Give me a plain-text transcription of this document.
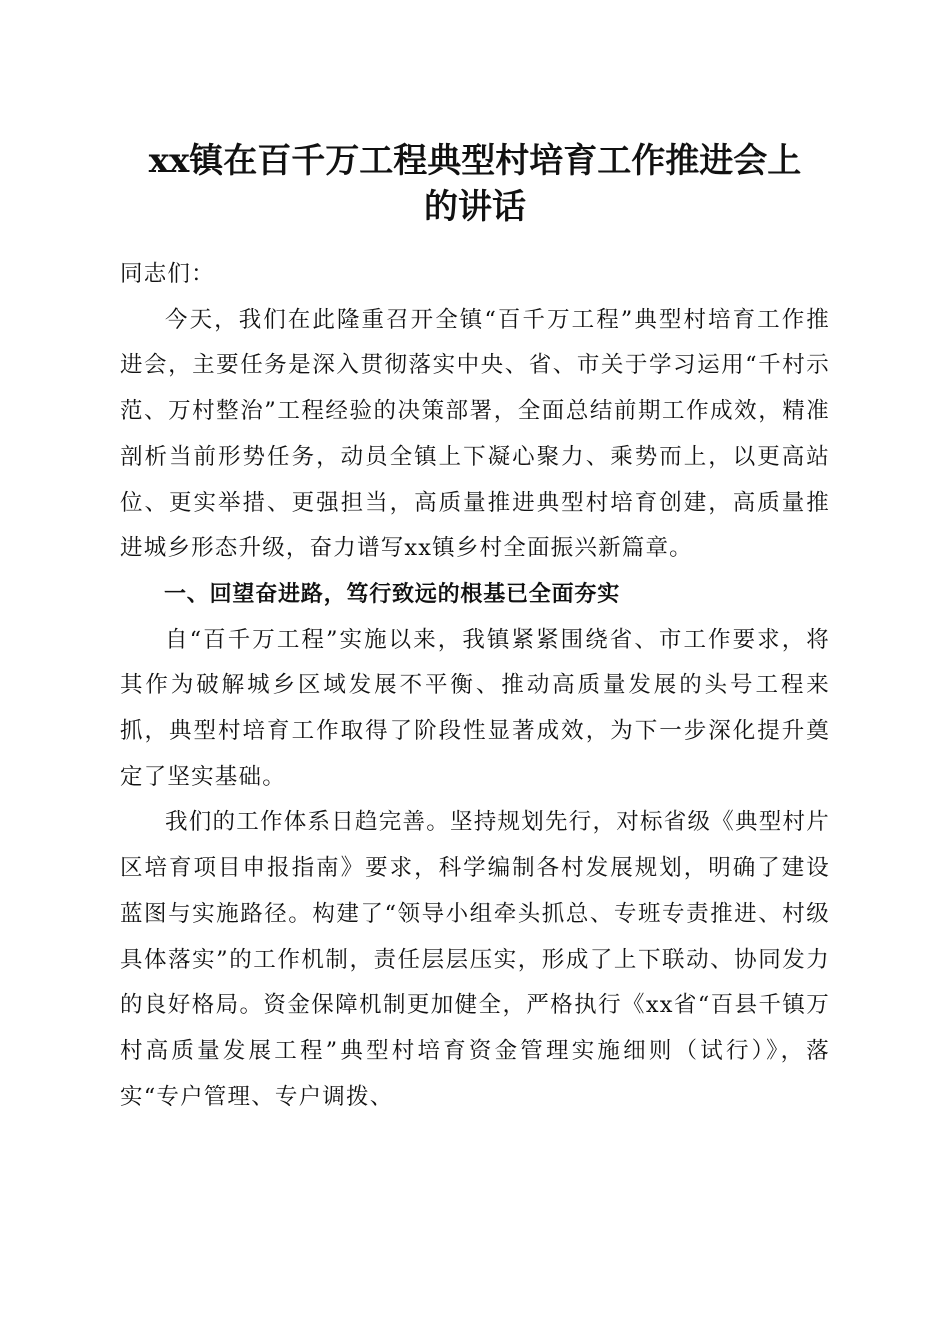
xx镇在百千万工程典型村培育工作推进会上
的讲话

同志们：

今天，我们在此隆重召开全镇“百千万工程”典型村培育工作推进会，主要任务是深入贯彻落实中央、省、市关于学习运用“千村示范、万村整治”工程经验的决策部署，全面总结前期工作成效，精准剖析当前形势任务，动员全镇上下凝心聚力、乘势而上，以更高站位、更实举措、更强担当，高质量推进典型村培育创建，高质量推进城乡形态升级，奋力谱写xx镇乡村全面振兴新篇章。

一、回望奋进路，笃行致远的根基已全面夯实

自“百千万工程”实施以来，我镇紧紧围绕省、市工作要求，将其作为破解城乡区域发展不平衡、推动高质量发展的头号工程来抓，典型村培育工作取得了阶段性显著成效，为下一步深化提升奠定了坚实基础。

我们的工作体系日趋完善。坚持规划先行，对标省级《典型村片区培育项目申报指南》要求，科学编制各村发展规划，明确了建设蓝图与实施路径。构建了“领导小组牵头抓总、专班专责推进、村级具体落实”的工作机制，责任层层压实，形成了上下联动、协同发力的良好格局。资金保障机制更加健全，严格执行《xx省“百县千镇万村高质量发展工程”典型村培育资金管理实施细则（试行）》，落实“专户管理、专户调拨、
